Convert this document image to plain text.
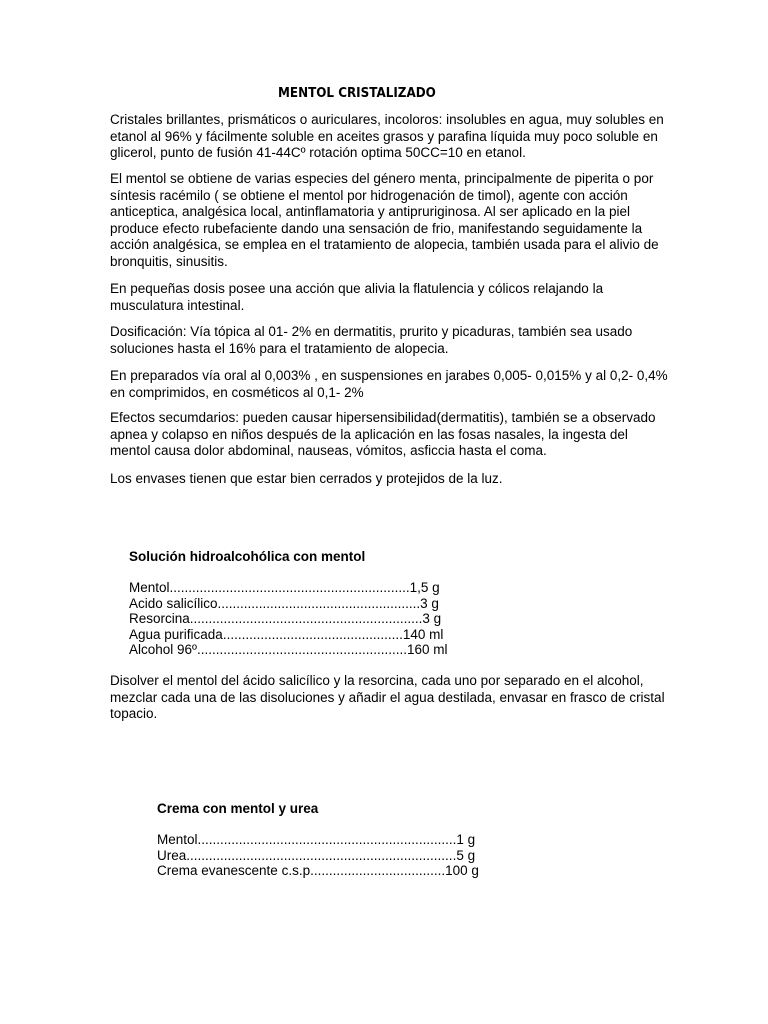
MENTOL CRISTALIZADO

Cristales brillantes, prismáticos o auriculares, incoloros: insolubles en agua, muy solubles en etanol al 96% y fácilmente soluble en aceites grasos y parafina líquida muy poco soluble en glicerol, punto de fusión 41-44Cº rotación optima 50CC=10 en etanol.

El mentol se obtiene de varias especies del género menta, principalmente de piperita o por síntesis racémilo ( se obtiene el mentol por hidrogenación de timol), agente con acción anticeptica, analgésica local, antinflamatoria y antipruriginosa. Al ser aplicado en la piel produce efecto rubefaciente dando una sensación de frio, manifestando seguidamente la acción analgésica, se emplea en el tratamiento de alopecia, también usada para el alivio de bronquitis, sinusitis.

En pequeñas dosis posee una acción que alivia la flatulencia y cólicos relajando la musculatura intestinal.

Dosificación: Vía tópica al 01- 2% en dermatitis, prurito y picaduras, también sea usado soluciones hasta el 16% para el tratamiento de alopecia.

En preparados vía oral al 0,003% , en suspensiones en jarabes 0,005- 0,015% y al 0,2- 0,4% en comprimidos, en cosméticos al 0,1- 2%

Efectos secumdarios: pueden causar hipersensibilidad(dermatitis), también se a observado apnea y colapso en niños después de la aplicación en las fosas nasales, la ingesta del mentol causa dolor abdominal, nauseas, vómitos, asficcia hasta el coma.

Los envases tienen que estar bien cerrados y protejidos de la luz.

Solución hidroalcohólica con mentol
Mentol................................................................1,5 g
Acido salicílico......................................................3 g
Resorcina..............................................................3 g
Agua purificada................................................140 ml
Alcohol 96º........................................................160 ml

Disolver el mentol del ácido salicílico y la resorcina, cada uno por separado en el alcohol, mezclar cada una de las disoluciones y añadir el agua destilada, envasar en frasco de cristal topacio.

Crema con mentol y urea
Mentol.....................................................................1 g
Urea........................................................................5 g
Crema evanescente c.s.p....................................100 g
